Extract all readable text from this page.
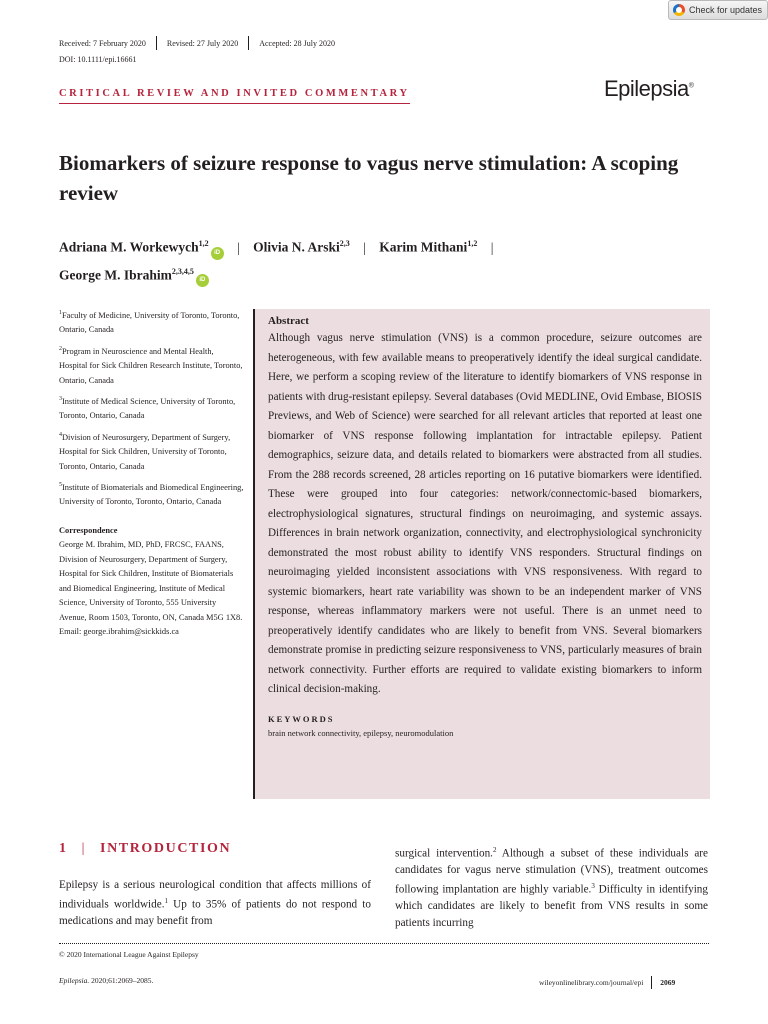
Check for updates
Received: 7 February 2020	Revised: 27 July 2020	Accepted: 28 July 2020
DOI: 10.1111/epi.16661
CRITICAL REVIEW AND INVITED COMMENTARY	Epilepsia®
Biomarkers of seizure response to vagus nerve stimulation: A scoping review
Adriana M. Workewych$^{1,2}$iD | Olivia N. Arski$^{2,3}$ | Karim Mithani$^{1,2}$ |
George M. Ibrahim$^{2,3,4,5}$iD

$^1$Faculty of Medicine, University of Toronto, Toronto, Ontario, Canada

$^2$Program in Neuroscience and Mental Health, Hospital for Sick Children Research Institute, Toronto, Ontario, Canada

$^3$Institute of Medical Science, University of Toronto, Toronto, Ontario, Canada

$^4$Division of Neurosurgery, Department of Surgery, Hospital for Sick Children, University of Toronto, Toronto, Ontario, Canada

$^5$Institute of Biomaterials and Biomedical Engineering, University of Toronto, Toronto, Ontario, Canada

Correspondence
George M. Ibrahim, MD, PhD, FRCSC, FAANS, Division of Neurosurgery, Department of Surgery, Hospital for Sick Children, Institute of Biomaterials and Biomedical Engineering, Institute of Medical Science, University of Toronto, 555 University Avenue, Room 1503, Toronto, ON, Canada M5G 1X8.
Email: george.ibrahim@sickkids.ca
Abstract
Although vagus nerve stimulation (VNS) is a common procedure, seizure outcomes are heterogeneous, with few available means to preoperatively identify the ideal surgical candidate. Here, we perform a scoping review of the literature to identify biomarkers of VNS response in patients with drug-resistant epilepsy. Several databases (Ovid MEDLINE, Ovid Embase, BIOSIS Previews, and Web of Science) were searched for all relevant articles that reported at least one biomarker of VNS response following implantation for intractable epilepsy. Patient demographics, seizure data, and details related to biomarkers were abstracted from all studies. From the 288 records screened, 28 articles reporting on 16 putative biomarkers were identified. These were grouped into four categories: network/connectomic-based biomarkers, electrophysiological signatures, structural findings on neuroimaging, and systemic assays. Differences in brain network organization, connectivity, and electrophysiological synchronicity demonstrated the most robust ability to identify VNS responders. Structural findings on neuroimaging yielded inconsistent associations with VNS responsiveness. With regard to systemic biomarkers, heart rate variability was shown to be an independent marker of VNS response, whereas inflammatory markers were not useful. There is an unmet need to preoperatively identify candidates who are likely to benefit from VNS. Several biomarkers demonstrate promise in predicting seizure responsiveness to VNS, particularly measures of brain network connectivity. Further efforts are required to validate existing biomarkers to inform clinical decision-making.
KEYWORDS
brain network connectivity, epilepsy, neuromodulation
1 | INTRODUCTION
Epilepsy is a serious neurological condition that affects millions of individuals worldwide.$^1$ Up to 35% of patients do not respond to medications and may benefit from
surgical intervention.$^2$ Although a subset of these individuals are candidates for vagus nerve stimulation (VNS), treatment outcomes following implantation are highly variable.$^3$ Difficulty in identifying which candidates are likely to benefit from VNS results in some patients incurring
© 2020 International League Against Epilepsy
Epilepsia. 2020;61:2069–2085.	wileyonlinelibrary.com/journal/epi 2069
